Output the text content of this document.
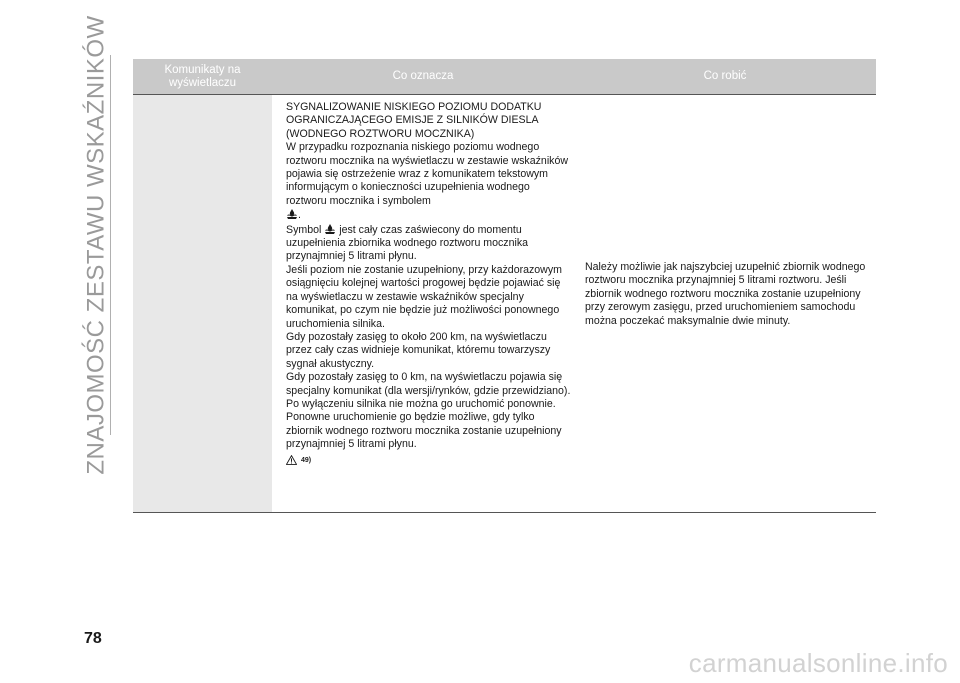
ZNAJOMOŚĆ ZESTAWU WSKAŹNIKÓW	Komunikaty na wyświetlaczu
Co oznacza	Co robić

SYGNALIZOWANIE NISKIEGO POZIOMU DODATKU OGRANICZAJĄCEGO EMISJE Z SILNIKÓW DIESLA (WODNEGO ROZTWORU MOCZNIKA)

W przypadku rozpoznania niskiego poziomu wodnego roztworu mocznika na wyświetlaczu w zestawie wskaźników pojawia się ostrzeżenie wraz z komunikatem tekstowym informującym o konieczności uzupełnienia wodnego roztworu mocznika i symbolem
.

Symbol jest cały czas zaświecony do momentu uzupełnienia zbiornika wodnego roztworu mocznika przynajmniej 5 litrami płynu.

Jeśli poziom nie zostanie uzupełniony, przy każdorazowym osiągnięciu kolejnej wartości progowej będzie pojawiać się na wyświetlaczu w zestawie wskaźników specjalny komunikat, po czym nie będzie już możliwości ponownego uruchomienia silnika.

Gdy pozostały zasięg to około 200 km, na wyświetlaczu przez cały czas widnieje komunikat, któremu towarzyszy sygnał akustyczny.

Gdy pozostały zasięg to 0 km, na wyświetlaczu pojawia się specjalny komunikat (dla wersji/rynków, gdzie przewidziano). Po wyłączeniu silnika nie można go uruchomić ponownie.

Ponowne uruchomienie go będzie możliwe, gdy tylko zbiornik wodnego roztworu mocznika zostanie uzupełniony przynajmniej 5 litrami płynu.

49)

Należy możliwie jak najszybciej uzupełnić zbiornik wodnego roztworu mocznika przynajmniej 5 litrami roztworu. Jeśli zbiornik wodnego roztworu mocznika zostanie uzupełniony przy zerowym zasięgu, przed uruchomieniem samochodu można poczekać maksymalnie dwie minuty.

78
carmanualsonline.info
